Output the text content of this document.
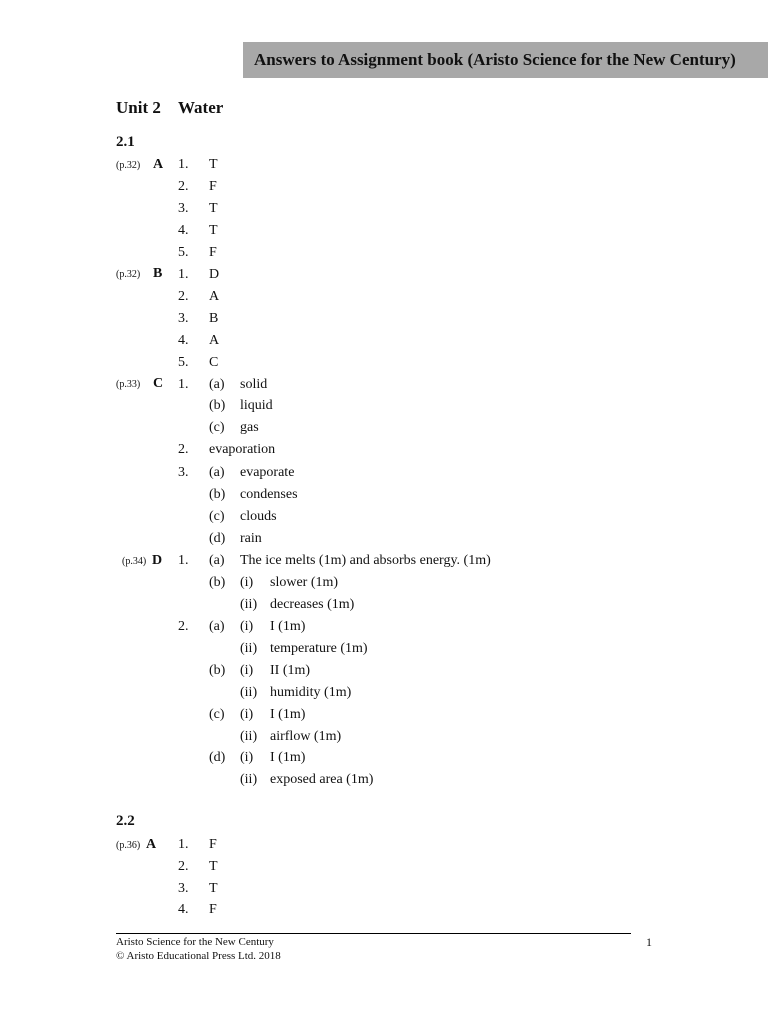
Answers to Assignment book (Aristo Science for the New Century)
Unit 2 Water
2.1
(p.32) A 1. T
2. F
3. T
4. T
5. F
(p.32) B 1. D
2. A
3. B
4. A
5. C
(p.33) C 1. (a) solid
(b) liquid
(c) gas
2. evaporation
3. (a) evaporate
(b) condenses
(c) clouds
(d) rain
(p.34) D 1. (a) The ice melts (1m) and absorbs energy. (1m)
(b) (i) slower (1m)
(ii) decreases (1m)
2. (a) (i) I (1m)
(ii) temperature (1m)
(b) (i) II (1m)
(ii) humidity (1m)
(c) (i) I (1m)
(ii) airflow (1m)
(d) (i) I (1m)
(ii) exposed area (1m)
2.2
(p.36) A 1. F
2. T
3. T
4. F
Aristo Science for the New Century
© Aristo Educational Press Ltd. 2018
1
